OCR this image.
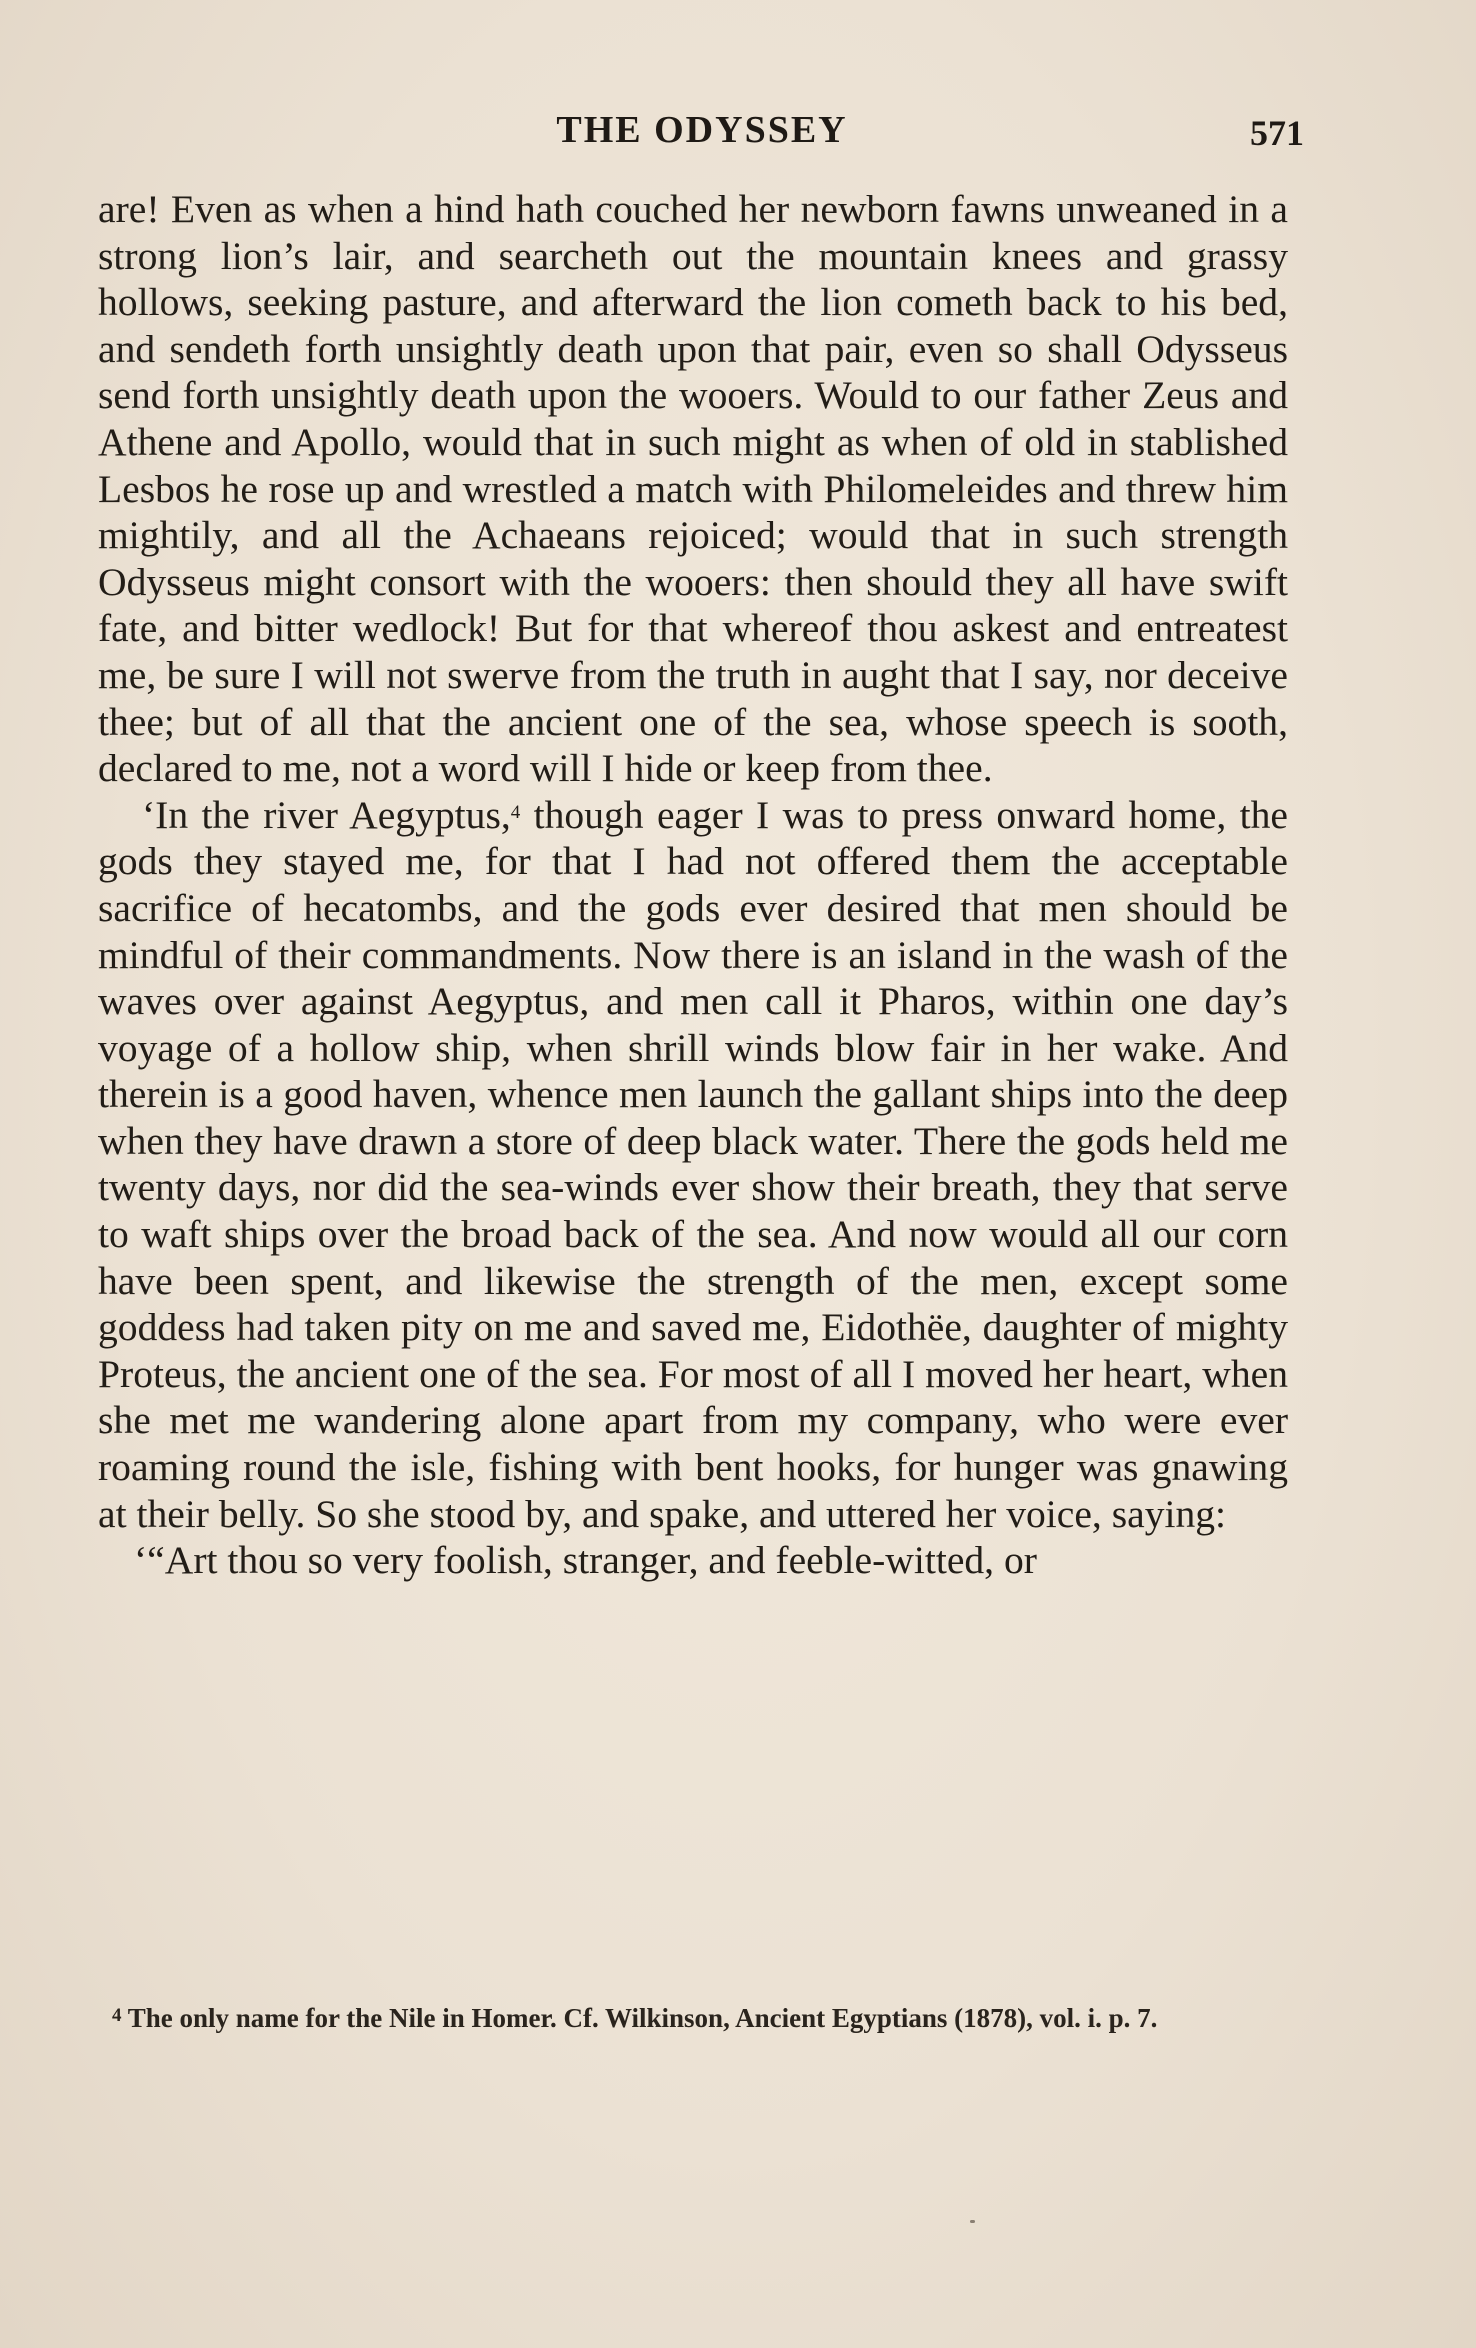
THE ODYSSEY	571

are! Even as when a hind hath couched her newborn fawns unweaned in a strong lion’s lair, and searcheth out the mountain knees and grassy hollows, seeking pasture, and afterward the lion cometh back to his bed, and sendeth forth unsightly death upon that pair, even so shall Odysseus send forth unsightly death upon the wooers. Would to our father Zeus and Athene and Apollo, would that in such might as when of old in stablished Lesbos he rose up and wrestled a match with Philomeleides and threw him mightily, and all the Achaeans rejoiced; would that in such strength Odysseus might consort with the wooers: then should they all have swift fate, and bitter wedlock! But for that whereof thou askest and entreatest me, be sure I will not swerve from the truth in aught that I say, nor deceive thee; but of all that the ancient one of the sea, whose speech is sooth, declared to me, not a word will I hide or keep from thee.

‘In the river Aegyptus,$^4$ though eager I was to press onward home, the gods they stayed me, for that I had not offered them the acceptable sacrifice of hecatombs, and the gods ever desired that men should be mindful of their commandments. Now there is an island in the wash of the waves over against Aegyptus, and men call it Pharos, within one day’s voyage of a hollow ship, when shrill winds blow fair in her wake. And therein is a good haven, whence men launch the gallant ships into the deep when they have drawn a store of deep black water. There the gods held me twenty days, nor did the sea-winds ever show their breath, they that serve to waft ships over the broad back of the sea. And now would all our corn have been spent, and likewise the strength of the men, except some goddess had taken pity on me and saved me, Eidothëe, daughter of mighty Proteus, the ancient one of the sea. For most of all I moved her heart, when she met me wandering alone apart from my company, who were ever roaming round the isle, fishing with bent hooks, for hunger was gnawing at their belly. So she stood by, and spake, and uttered her voice, saying:

‘“Art thou so very foolish, stranger, and feeble-witted, or

$^4$ The only name for the Nile in Homer. Cf. Wilkinson, Ancient Egyptians (1878), vol. i. p. 7.
